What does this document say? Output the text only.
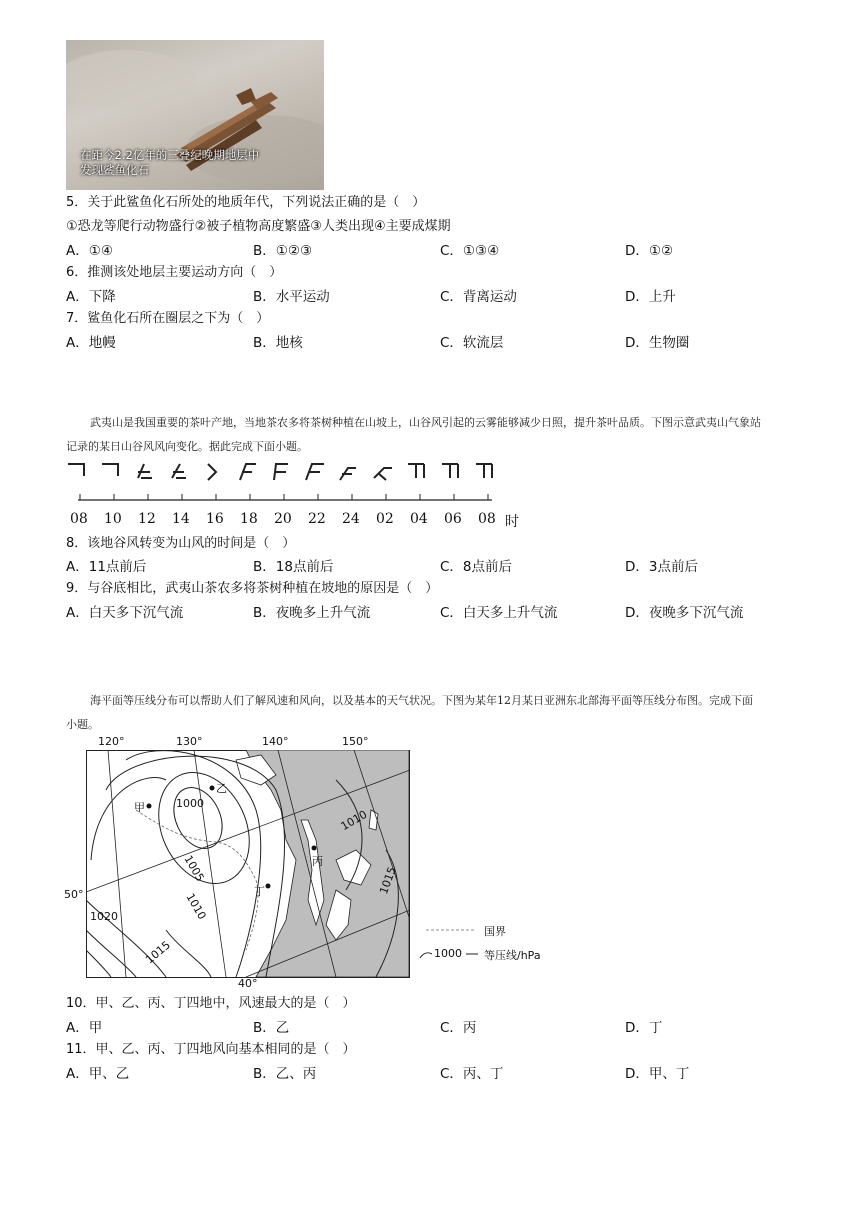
在距今2.2亿年的三叠纪晚期地层中
发现鲨鱼化石
5．关于此鲨鱼化石所处的地质年代，下列说法正确的是（　）
①恐龙等爬行动物盛行②被子植物高度繁盛③人类出现④主要成煤期
A．①④	B．①②③	C．①③④	D．①②
6．推测该处地层主要运动方向（　）
A．下降	B．水平运动	C．背离运动	D．上升
7．鲨鱼化石所在圈层之下为（　）
A．地幔	B．地核	C．软流层	D．生物圈
武夷山是我国重要的茶叶产地，当地茶农多将茶树种植在山坡上，山谷风引起的云雾能够减少日照，提升茶叶品质。下图示意武夷山气象站
记录的某日山谷风风向变化。据此完成下面小题。
08 10 12 14 16 18 20 22 24 02 04 06 08 时
8．该地谷风转变为山风的时间是（　）
A．11点前后	B．18点前后	C．8点前后	D．3点前后
9．与谷底相比，武夷山茶农多将茶树种植在坡地的原因是（　）
A．白天多下沉气流	B．夜晚多上升气流	C．白天多上升气流	D．夜晚多下沉气流
海平面等压线分布可以帮助人们了解风速和风向，以及基本的天气状况。下图为某年12月某日亚洲东北部海平面等压线分布图。完成下面
小题。
120°	130°	140°	150°
50°
40°
甲
乙
丙
丁
1000
1005
1010
1015
1020
1010
1015
国界
1000 等压线/hPa
10．甲、乙、丙、丁四地中，风速最大的是（　）
A．甲	B．乙	C．丙	D．丁
11．甲、乙、丙、丁四地风向基本相同的是（　）
A．甲、乙	B．乙、丙	C．丙、丁	D．甲、丁
